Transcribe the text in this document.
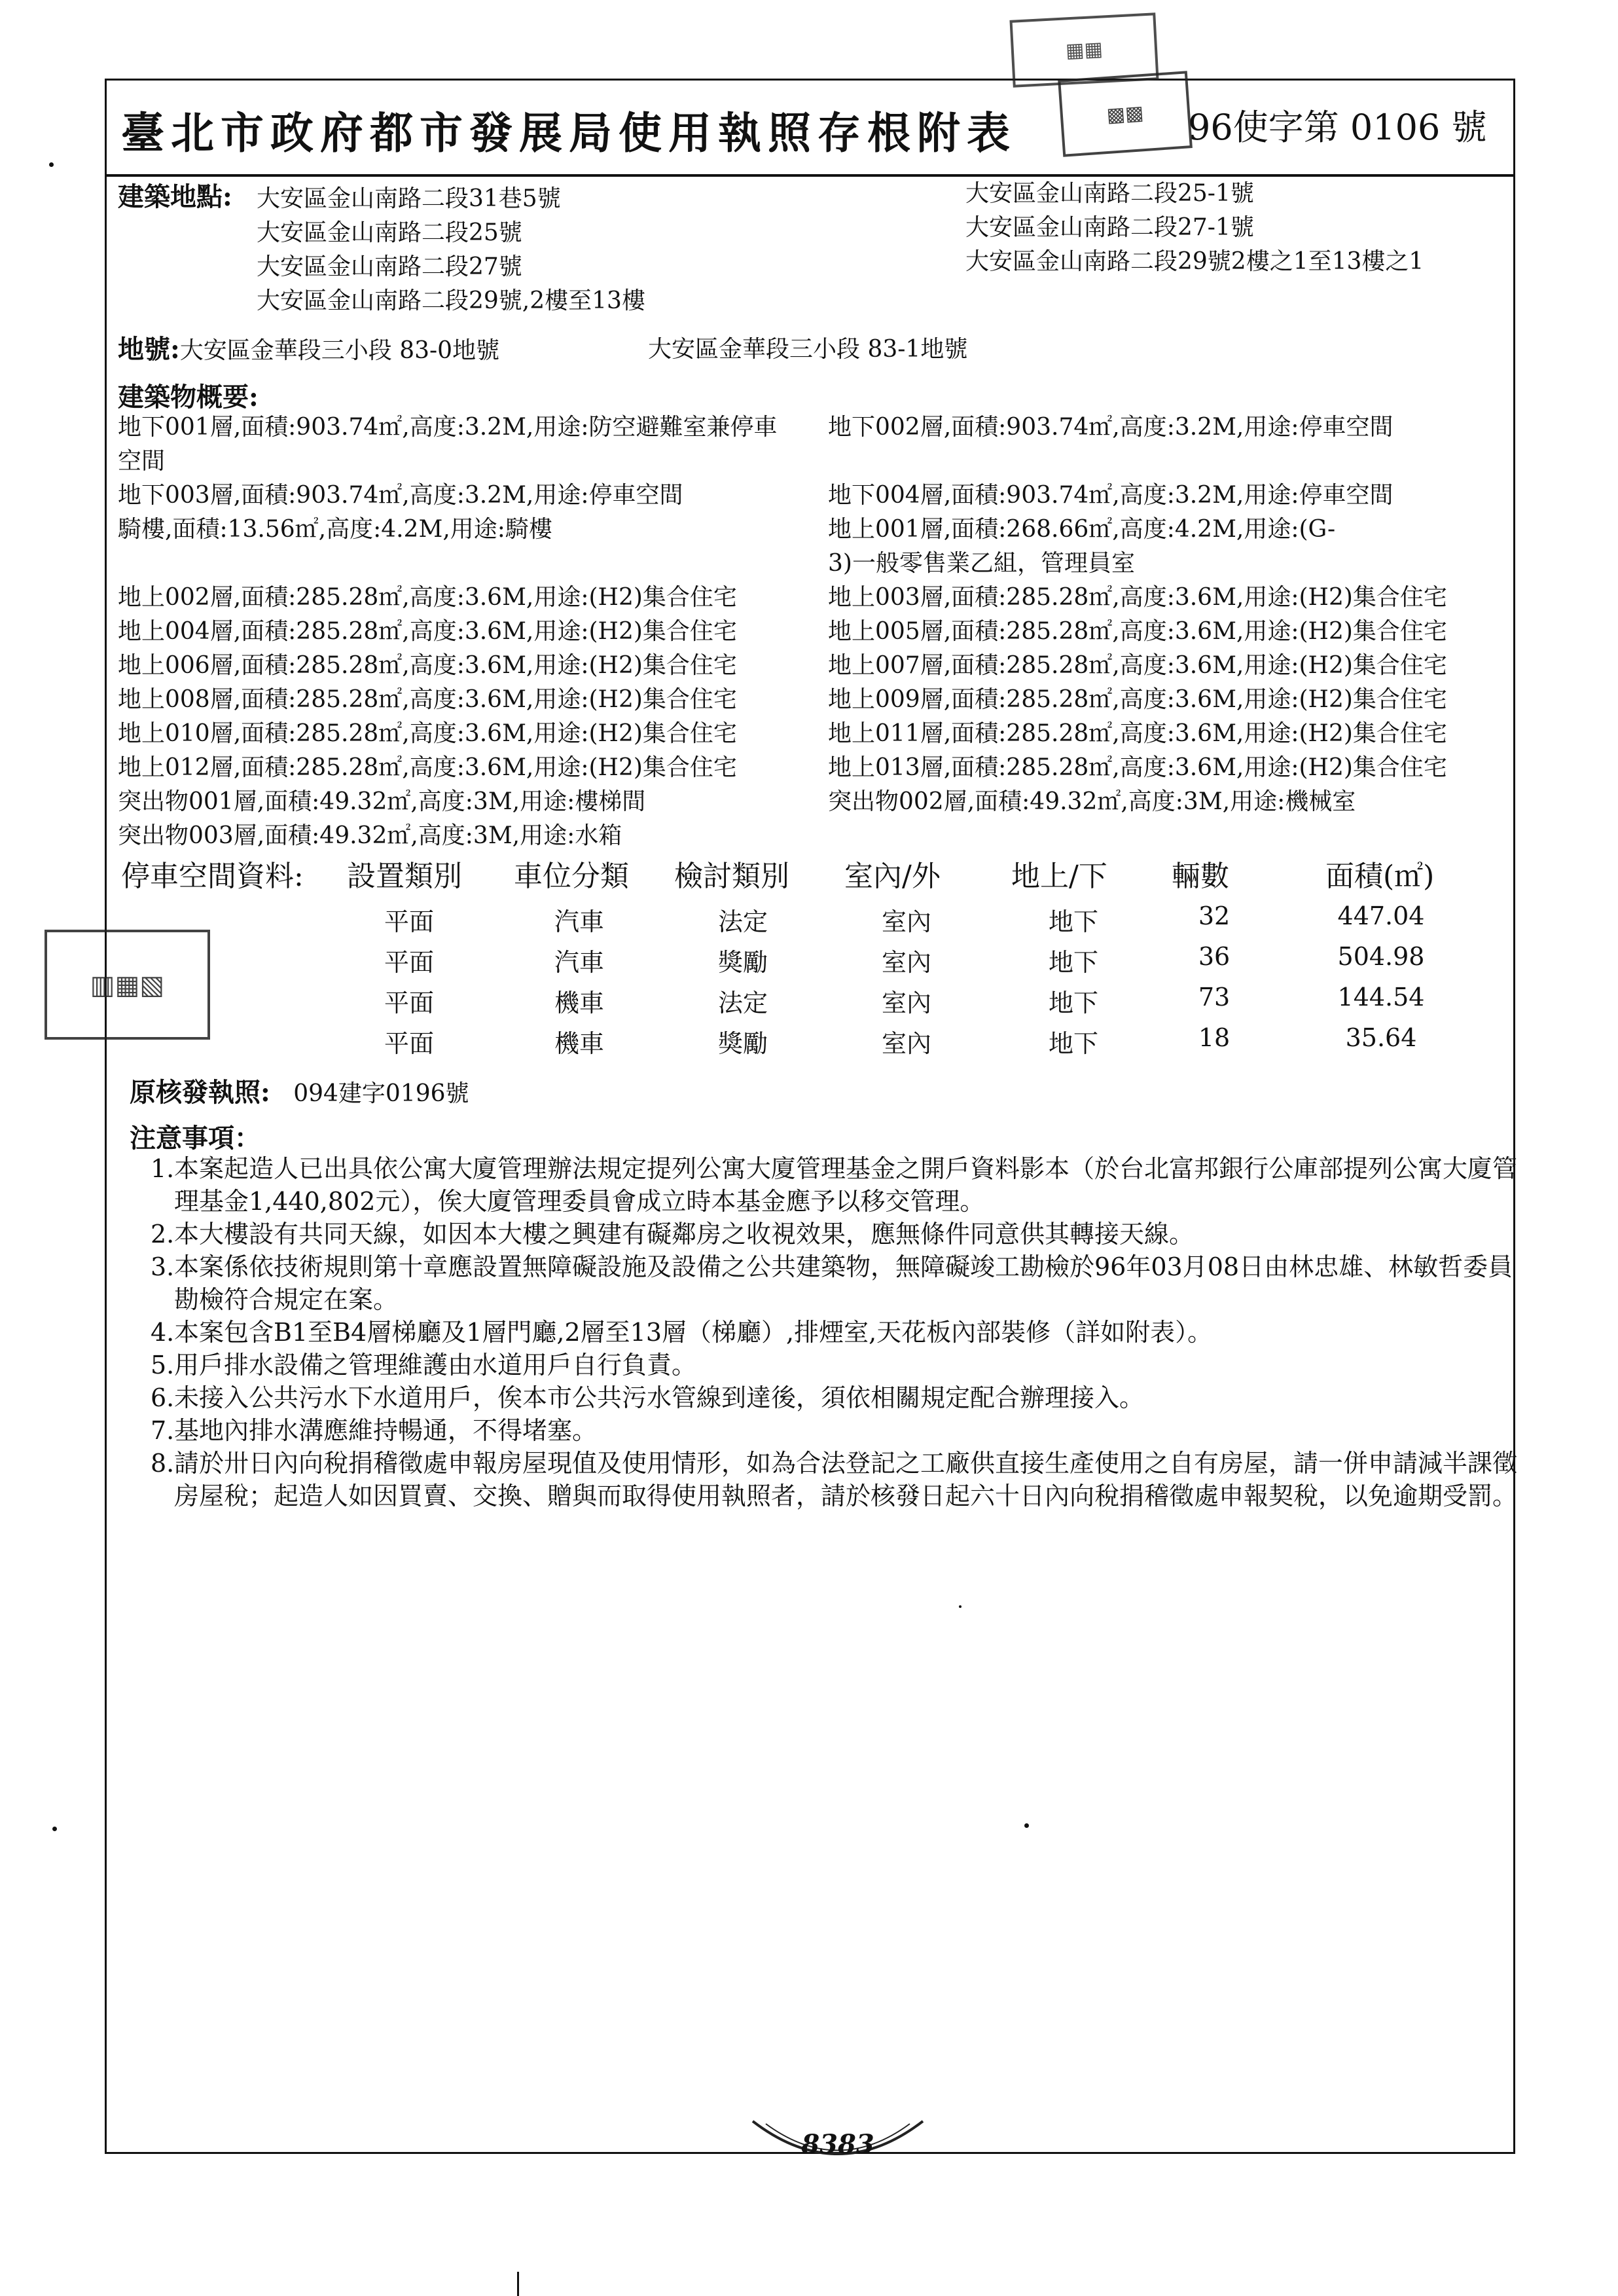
▦▦
▩▩
▥▦▧
臺北市政府都市發展局使用執照存根附表	96使字第 0106 號
建築地點: 大安區金山南路二段31巷5號
大安區金山南路二段25號
大安區金山南路二段27號
大安區金山南路二段29號,2樓至13樓
大安區金山南路二段25-1號
大安區金山南路二段27-1號
大安區金山南路二段29號2樓之1至13樓之1
地號:大安區金華段三小段 83-0地號	大安區金華段三小段 83-1地號
建築物概要:
地下001層,面積:903.74㎡,高度:3.2M,用途:防空避難室兼停車
空間
地下003層,面積:903.74㎡,高度:3.2M,用途:停車空間
騎樓,面積:13.56㎡,高度:4.2M,用途:騎樓
地上002層,面積:285.28㎡,高度:3.6M,用途:(H2)集合住宅
地上004層,面積:285.28㎡,高度:3.6M,用途:(H2)集合住宅
地上006層,面積:285.28㎡,高度:3.6M,用途:(H2)集合住宅
地上008層,面積:285.28㎡,高度:3.6M,用途:(H2)集合住宅
地上010層,面積:285.28㎡,高度:3.6M,用途:(H2)集合住宅
地上012層,面積:285.28㎡,高度:3.6M,用途:(H2)集合住宅
突出物001層,面積:49.32㎡,高度:3M,用途:樓梯間
突出物003層,面積:49.32㎡,高度:3M,用途:水箱
地下002層,面積:903.74㎡,高度:3.2M,用途:停車空間
地下004層,面積:903.74㎡,高度:3.2M,用途:停車空間
地上001層,面積:268.66㎡,高度:4.2M,用途:(G-
3)一般零售業乙組，管理員室
地上003層,面積:285.28㎡,高度:3.6M,用途:(H2)集合住宅
地上005層,面積:285.28㎡,高度:3.6M,用途:(H2)集合住宅
地上007層,面積:285.28㎡,高度:3.6M,用途:(H2)集合住宅
地上009層,面積:285.28㎡,高度:3.6M,用途:(H2)集合住宅
地上011層,面積:285.28㎡,高度:3.6M,用途:(H2)集合住宅
地上013層,面積:285.28㎡,高度:3.6M,用途:(H2)集合住宅
突出物002層,面積:49.32㎡,高度:3M,用途:機械室
停車空間資料: 設置類別 車位分類 檢討類別 室內/外 地上/下 輛數	面積(㎡)
平面	汽車	法定	室內	地下	32	447.04
平面	汽車	獎勵	室內	地下	36	504.98
平面	機車	法定	室內	地下	73	144.54
平面	機車	獎勵	室內	地下	18	35.64
原核發執照: 094建字0196號
注意事項：
1. 本案起造人已出具依公寓大廈管理辦法規定提列公寓大廈管理基金之開戶資料影本（於台北富邦銀行公庫部提列公寓大廈管理基金1,440,802元），俟大廈管理委員會成立時本基金應予以移交管理。
2. 本大樓設有共同天線，如因本大樓之興建有礙鄰房之收視效果，應無條件同意供其轉接天線。
3. 本案係依技術規則第十章應設置無障礙設施及設備之公共建築物，無障礙竣工勘檢於96年03月08日由林忠雄、林敏哲委員勘檢符合規定在案。
4. 本案包含B1至B4層梯廳及1層門廳,2層至13層（梯廳）,排煙室,天花板內部裝修（詳如附表）。
5. 用戶排水設備之管理維護由水道用戶自行負責。
6. 未接入公共污水下水道用戶，俟本市公共污水管線到達後，須依相關規定配合辦理接入。
7. 基地內排水溝應維持暢通，不得堵塞。
8. 請於卅日內向稅捐稽徵處申報房屋現值及使用情形，如為合法登記之工廠供直接生產使用之自有房屋，請一併申請減半課徵房屋稅；起造人如因買賣、交換、贈與而取得使用執照者，請於核發日起六十日內向稅捐稽徵處申報契稅，以免逾期受罰。
8383
